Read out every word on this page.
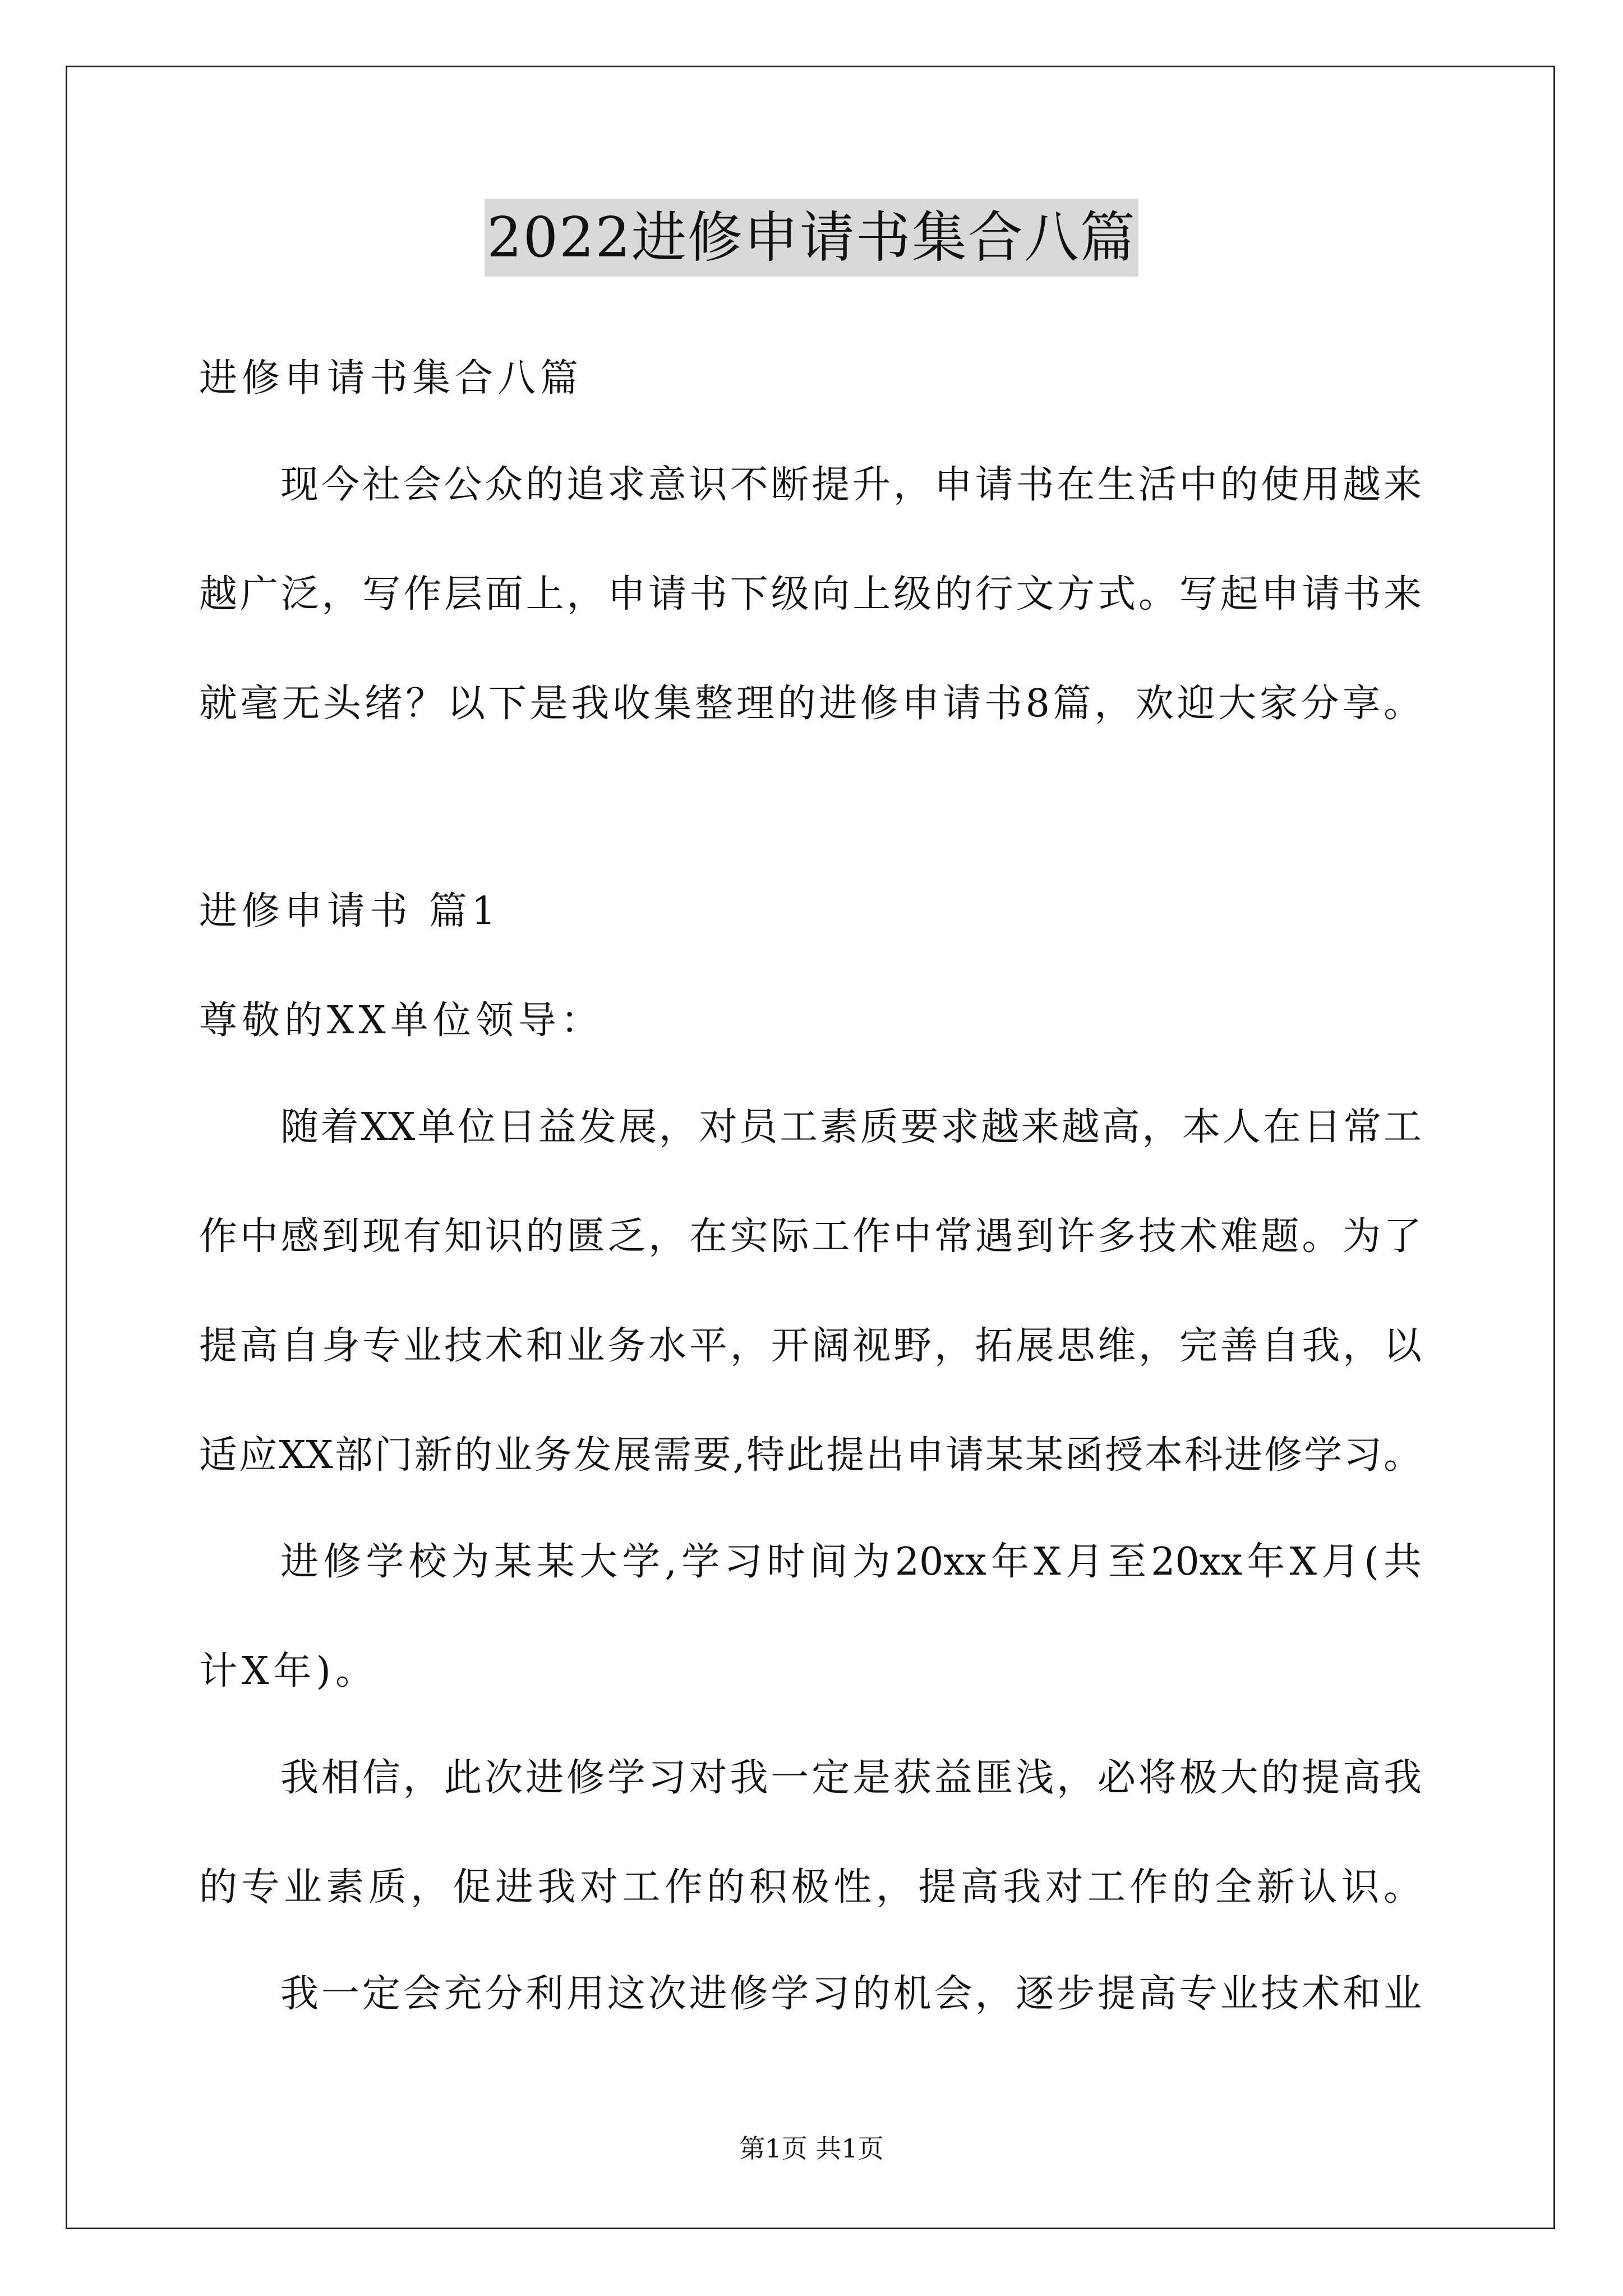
2022进修申请书集合八篇
进修申请书集合八篇
现今社会公众的追求意识不断提升，申请书在生活中的使用越来
越广泛，写作层面上，申请书下级向上级的行文方式。写起申请书来
就毫无头绪？以下是我收集整理的进修申请书8篇，欢迎大家分享。
进修申请书 篇1
尊敬的XX单位领导：
随着XX单位日益发展，对员工素质要求越来越高，本人在日常工
作中感到现有知识的匮乏，在实际工作中常遇到许多技术难题。为了
提高自身专业技术和业务水平，开阔视野，拓展思维，完善自我，以
适应XX部门新的业务发展需要,特此提出申请某某函授本科进修学习。
进修学校为某某大学,学习时间为20xx年X月至20xx年X月(共
计X年)。
我相信，此次进修学习对我一定是获益匪浅，必将极大的提高我
的专业素质，促进我对工作的积极性，提高我对工作的全新认识。
我一定会充分利用这次进修学习的机会，逐步提高专业技术和业
第1页 共1页
